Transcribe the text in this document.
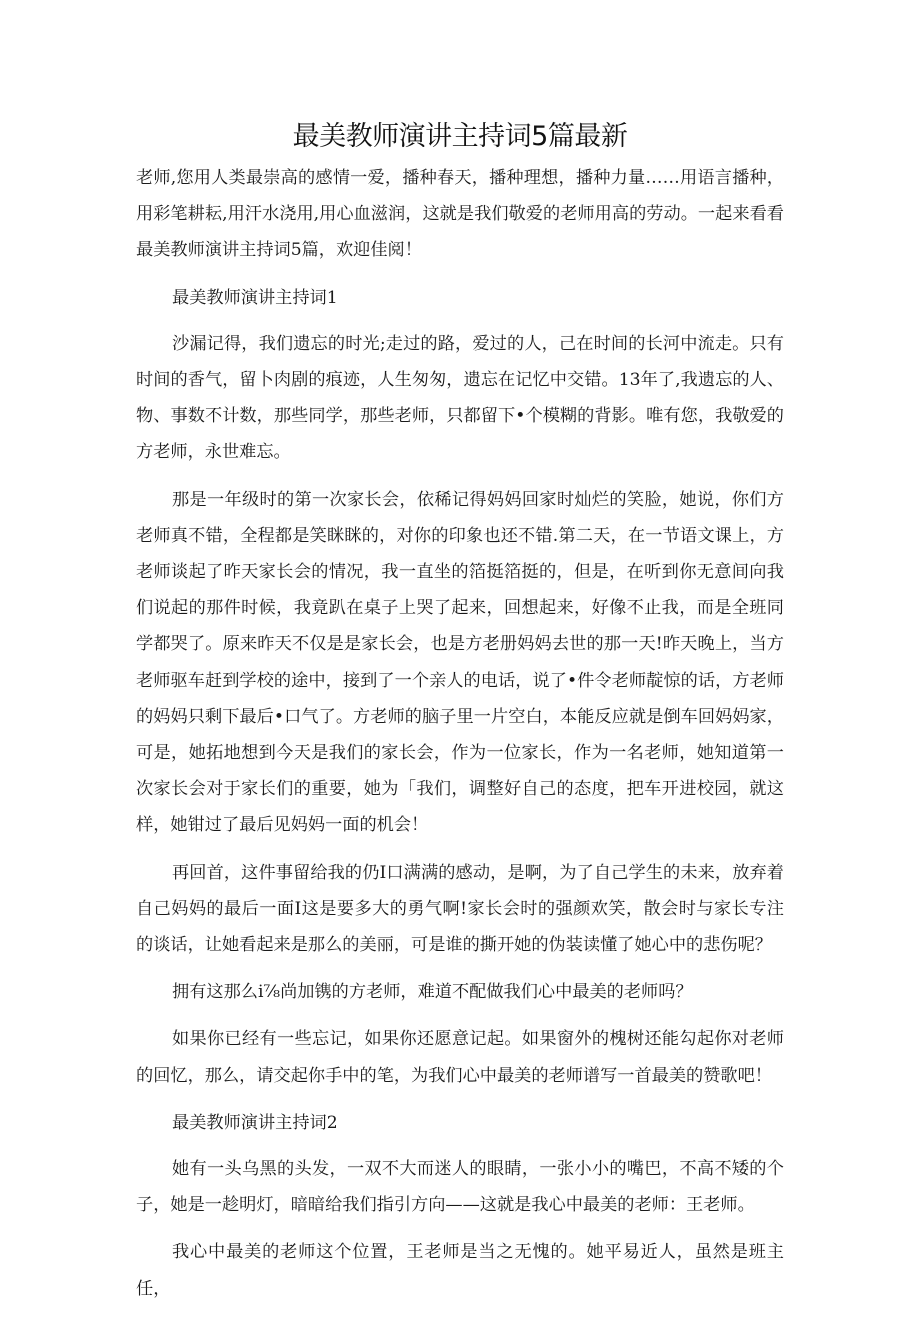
最美教师演讲主持词5篇最新

老师,您用人类最崇高的感情一爱，播种春天，播种理想，播种力量……用语言播种，用彩笔耕耘,用汗水浇用,用心血滋润，这就是我们敬爱的老师用高的劳动。一起来看看最美教师演讲主持词5篇，欢迎佳阅！

最美教师演讲主持词1

沙漏记得，我们遗忘的时光;走过的路，爱过的人，己在时间的长河中流走。只有时间的香气，留卜肉剧的痕迹，人生匆匆，遗忘在记忆中交错。13年了,我遗忘的人、物、事数不计数，那些同学，那些老师，只都留下•个模糊的背影。唯有您，我敬爱的方老师，永世难忘。

那是一年级时的第一次家长会，依稀记得妈妈回家时灿烂的笑脸，她说，你们方老师真不错，全程都是笑眯眯的，对你的印象也还不错.第二天，在一节语文课上，方老师谈起了昨天家长会的情况，我一直坐的箔挺箔挺的，但是，在听到你无意间向我们说起的那件时候，我竟趴在桌子上哭了起来，回想起来，好像不止我，而是全班同学都哭了。原来昨天不仅是是家长会，也是方老册妈妈去世的那一天!昨天晚上，当方老师驱车赶到学校的途中，接到了一个亲人的电话，说了•件令老师靛惊的话，方老师的妈妈只剩下最后•口气了。方老师的脑子里一片空白，本能反应就是倒车回妈妈家，可是，她拓地想到今天是我们的家长会，作为一位家长，作为一名老师，她知道第一次家长会对于家长们的重要，她为「我们，调整好自己的态度，把车开进校园，就这样，她钳过了最后见妈妈一面的机会！

再回首，这件事留给我的仍I口满满的感动，是啊，为了自己学生的未来，放弃着自己妈妈的最后一面I这是要多大的勇气啊!家长会时的强颜欢笑，散会时与家长专注的谈话，让她看起来是那么的美丽，可是谁的撕开她的伪装读懂了她心中的悲伤呢？

拥有这那么i⅞尚加镌的方老师，难道不配做我们心中最美的老师吗？

如果你已经有一些忘记，如果你还愿意记起。如果窗外的槐树还能勾起你对老师的回忆，那么，请交起你手中的笔，为我们心中最美的老师谱写一首最美的赞歌吧！

最美教师演讲主持词2

她有一头乌黑的头发，一双不大而迷人的眼睛，一张小小的嘴巴，不高不矮的个子，她是一趁明灯，暗暗给我们指引方向——这就是我心中最美的老师：王老师。

我心中最美的老师这个位置，王老师是当之无愧的。她平易近人，虽然是班主任，
